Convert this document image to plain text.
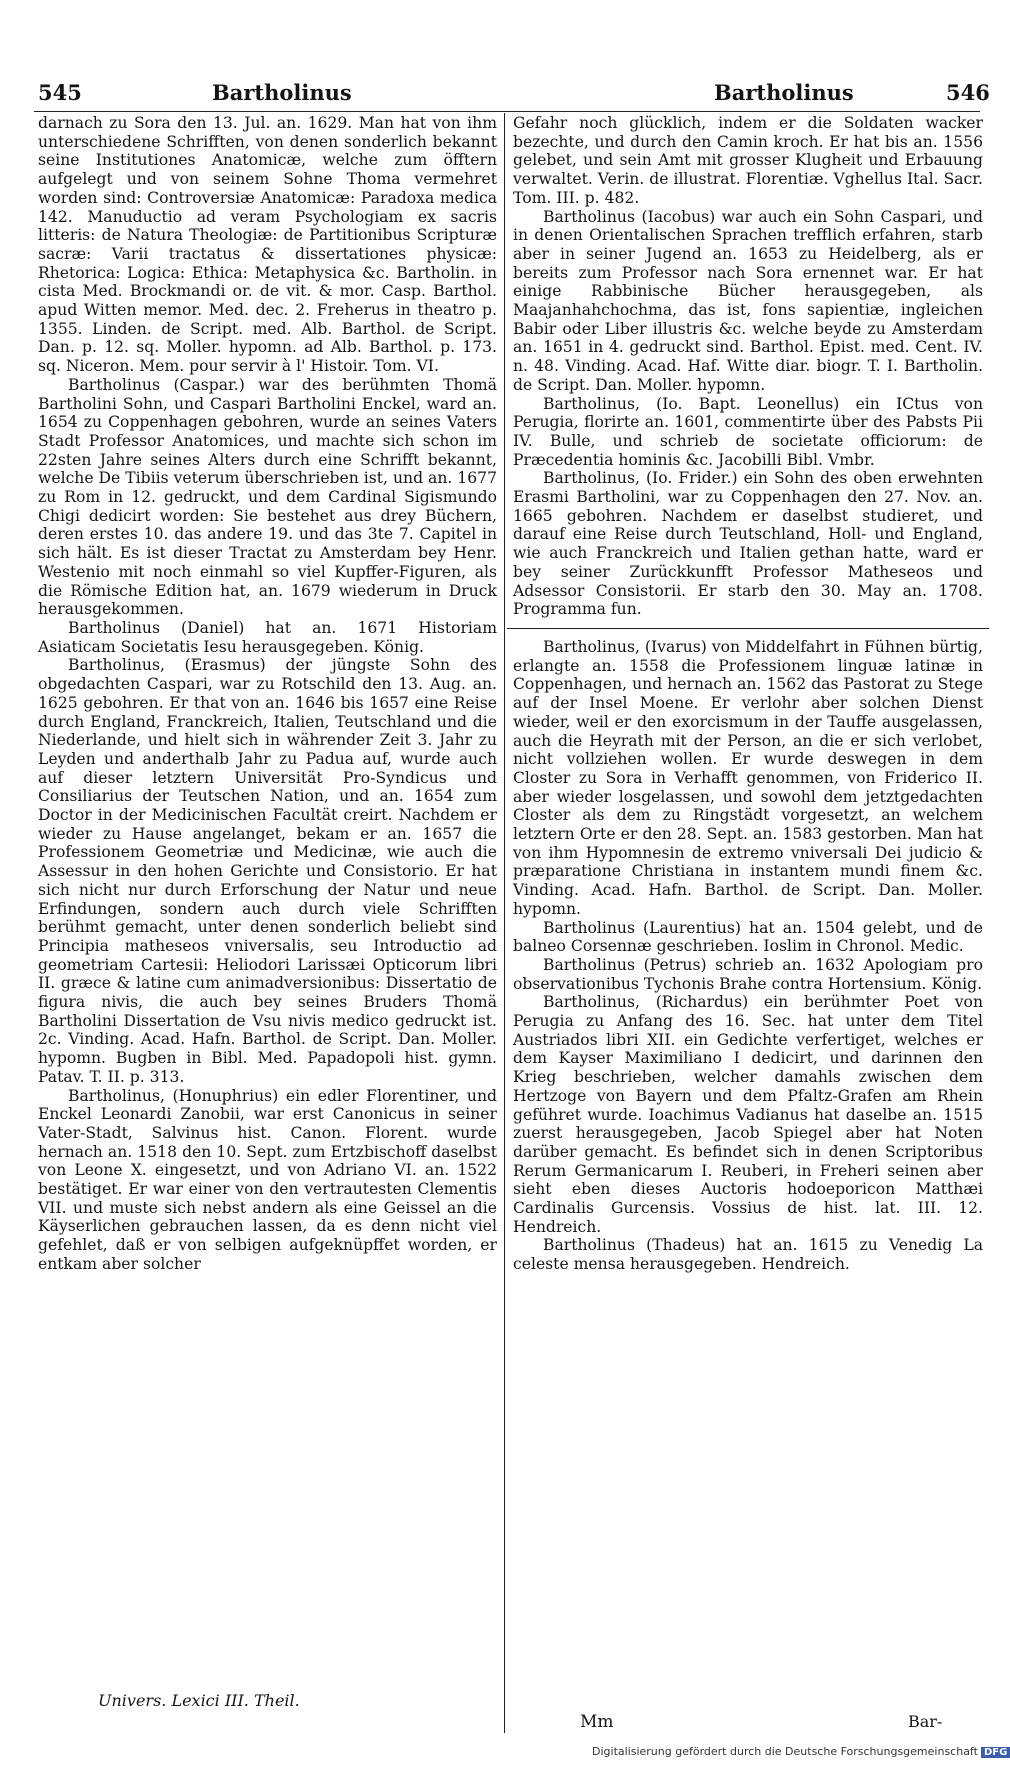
545	Bartholinus	Bartholinus	546

darnach zu Sora den 13. Jul. an. 1629. Man hat von ihm unterschiedene Schrifften, von denen sonderlich bekannt seine Institutiones Anatomicæ, welche zum öfftern aufgelegt und von seinem Sohne Thoma vermehret worden sind: Controversiæ Anatomicæ: Paradoxa medica 142. Manuductio ad veram Psychologiam ex sacris litteris: de Natura Theologiæ: de Partitionibus Scripturæ sacræ: Varii tractatus & dissertationes physicæ: Rhetorica: Logica: Ethica: Metaphysica &c. Bartholin. in cista Med. Brockmandi or. de vit. & mor. Casp. Barthol. apud Witten memor. Med. dec. 2. Freherus in theatro p. 1355. Linden. de Script. med. Alb. Barthol. de Script. Dan. p. 12. sq. Moller. hypomn. ad Alb. Barthol. p. 173. sq. Niceron. Mem. pour servir à l' Histoir. Tom. VI.

Bartholinus (Caspar.) war des berühmten Thomä Bartholini Sohn, und Caspari Bartholini Enckel, ward an. 1654 zu Coppenhagen gebohren, wurde an seines Vaters Stadt Professor Anatomices, und machte sich schon im 22sten Jahre seines Alters durch eine Schrifft bekannt, welche De Tibiis veterum überschrieben ist, und an. 1677 zu Rom in 12. gedruckt, und dem Cardinal Sigismundo Chigi dedicirt worden: Sie bestehet aus drey Büchern, deren erstes 10. das andere 19. und das 3te 7. Capitel in sich hält. Es ist dieser Tractat zu Amsterdam bey Henr. Westenio mit noch einmahl so viel Kupffer-Figuren, als die Römische Edition hat, an. 1679 wiederum in Druck herausgekommen.

Bartholinus (Daniel) hat an. 1671 Historiam Asiaticam Societatis Iesu herausgegeben. König.

Bartholinus, (Erasmus) der jüngste Sohn des obgedachten Caspari, war zu Rotschild den 13. Aug. an. 1625 gebohren. Er that von an. 1646 bis 1657 eine Reise durch England, Franckreich, Italien, Teutschland und die Niederlande, und hielt sich in währender Zeit 3. Jahr zu Leyden und anderthalb Jahr zu Padua auf, wurde auch auf dieser letztern Universität Pro-Syndicus und Consiliarius der Teutschen Nation, und an. 1654 zum Doctor in der Medicinischen Facultät creirt. Nachdem er wieder zu Hause angelanget, bekam er an. 1657 die Professionem Geometriæ und Medicinæ, wie auch die Assessur in den hohen Gerichte und Consistorio. Er hat sich nicht nur durch Erforschung der Natur und neue Erfindungen, sondern auch durch viele Schrifften berühmt gemacht, unter denen sonderlich beliebt sind Principia matheseos vniversalis, seu Introductio ad geometriam Cartesii: Heliodori Larissæi Opticorum libri II. græce & latine cum animadversionibus: Dissertatio de figura nivis, die auch bey seines Bruders Thomä Bartholini Dissertation de Vsu nivis medico gedruckt ist. 2c. Vinding. Acad. Hafn. Barthol. de Script. Dan. Moller. hypomn. Bugben in Bibl. Med. Papadopoli hist. gymn. Patav. T. II. p. 313.

Bartholinus, (Honuphrius) ein edler Florentiner, und Enckel Leonardi Zanobii, war erst Canonicus in seiner Vater-Stadt, Salvinus hist. Canon. Florent. wurde hernach an. 1518 den 10. Sept. zum Ertzbischoff daselbst von Leone X. eingesetzt, und von Adriano VI. an. 1522 bestätiget. Er war einer von den vertrautesten Clementis VII. und muste sich nebst andern als eine Geissel an die Käyserlichen gebrauchen lassen, da es denn nicht viel gefehlet, daß er von selbigen aufgeknüpffet worden, er entkam aber solcher

Gefahr noch glücklich, indem er die Soldaten wacker bezechte, und durch den Camin kroch. Er hat bis an. 1556 gelebet, und sein Amt mit grosser Klugheit und Erbauung verwaltet. Verin. de illustrat. Florentiæ. Vghellus Ital. Sacr. Tom. III. p. 482.

Bartholinus (Iacobus) war auch ein Sohn Caspari, und in denen Orientalischen Sprachen trefflich erfahren, starb aber in seiner Jugend an. 1653 zu Heidelberg, als er bereits zum Professor nach Sora ernennet war. Er hat einige Rabbinische Bücher herausgegeben, als Maajanhahchochma, das ist, fons sapientiæ, ingleichen Babir oder Liber illustris &c. welche beyde zu Amsterdam an. 1651 in 4. gedruckt sind. Barthol. Epist. med. Cent. IV. n. 48. Vinding. Acad. Haf. Witte diar. biogr. T. I. Bartholin. de Script. Dan. Moller. hypomn.

Bartholinus, (Io. Bapt. Leonellus) ein ICtus von Perugia, florirte an. 1601, commentirte über des Pabsts Pii IV. Bulle, und schrieb de societate officiorum: de Præcedentia hominis &c. Jacobilli Bibl. Vmbr.

Bartholinus, (Io. Frider.) ein Sohn des oben erwehnten Erasmi Bartholini, war zu Coppenhagen den 27. Nov. an. 1665 gebohren. Nachdem er daselbst studieret, und darauf eine Reise durch Teutschland, Holl- und England, wie auch Franckreich und Italien gethan hatte, ward er bey seiner Zurückkunfft Professor Matheseos und Adsessor Consistorii. Er starb den 30. May an. 1708. Programma fun.

Bartholinus, (Ivarus) von Middelfahrt in Fühnen bürtig, erlangte an. 1558 die Professionem linguæ latinæ in Coppenhagen, und hernach an. 1562 das Pastorat zu Stege auf der Insel Moene. Er verlohr aber solchen Dienst wieder, weil er den exorcismum in der Tauffe ausgelassen, auch die Heyrath mit der Person, an die er sich verlobet, nicht vollziehen wollen. Er wurde deswegen in dem Closter zu Sora in Verhafft genommen, von Friderico II. aber wieder losgelassen, und sowohl dem jetztgedachten Closter als dem zu Ringstädt vorgesetzt, an welchem letztern Orte er den 28. Sept. an. 1583 gestorben. Man hat von ihm Hypomnesin de extremo vniversali Dei judicio & præparatione Christiana in instantem mundi finem &c. Vinding. Acad. Hafn. Barthol. de Script. Dan. Moller. hypomn.

Bartholinus (Laurentius) hat an. 1504 gelebt, und de balneo Corsennæ geschrieben. Ioslim in Chronol. Medic.

Bartholinus (Petrus) schrieb an. 1632 Apologiam pro observationibus Tychonis Brahe contra Hortensium. König.

Bartholinus, (Richardus) ein berühmter Poet von Perugia zu Anfang des 16. Sec. hat unter dem Titel Austriados libri XII. ein Gedichte verfertiget, welches er dem Kayser Maximiliano I dedicirt, und darinnen den Krieg beschrieben, welcher damahls zwischen dem Hertzoge von Bayern und dem Pfaltz-Grafen am Rhein geführet wurde. Ioachimus Vadianus hat daselbe an. 1515 zuerst herausgegeben, Jacob Spiegel aber hat Noten darüber gemacht. Es befindet sich in denen Scriptoribus Rerum Germanicarum I. Reuberi, in Freheri seinen aber sieht eben dieses Auctoris hodoeporicon Matthæi Cardinalis Gurcensis. Vossius de hist. lat. III. 12. Hendreich.

Bartholinus (Thadeus) hat an. 1615 zu Venedig La celeste mensa herausgegeben. Hendreich.

Univers. Lexici III. Theil.
Mm	Bar-
Digitalisierung gefördert durch die Deutsche Forschungsgemeinschaft DFG
